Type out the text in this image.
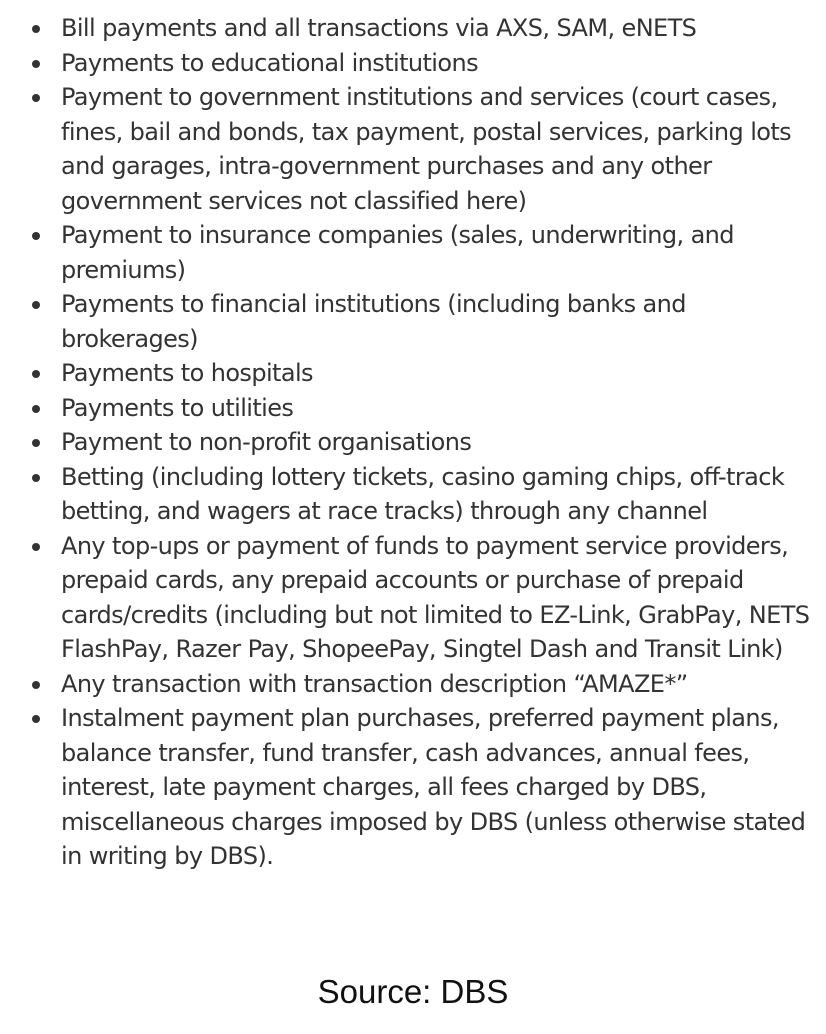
Bill payments and all transactions via AXS, SAM, eNETS
Payments to educational institutions
Payment to government institutions and services (court cases, fines, bail and bonds, tax payment, postal services, parking lots and garages, intra-government purchases and any other government services not classified here)
Payment to insurance companies (sales, underwriting, and premiums)
Payments to financial institutions (including banks and brokerages)
Payments to hospitals
Payments to utilities
Payment to non-profit organisations
Betting (including lottery tickets, casino gaming chips, off-track betting, and wagers at race tracks) through any channel
Any top-ups or payment of funds to payment service providers, prepaid cards, any prepaid accounts or purchase of prepaid cards/credits (including but not limited to EZ-Link, GrabPay, NETS FlashPay, Razer Pay, ShopeePay, Singtel Dash and Transit Link)
Any transaction with transaction description “AMAZE*”
Instalment payment plan purchases, preferred payment plans, balance transfer, fund transfer, cash advances, annual fees, interest, late payment charges, all fees charged by DBS, miscellaneous charges imposed by DBS (unless otherwise stated in writing by DBS).
Source: DBS
